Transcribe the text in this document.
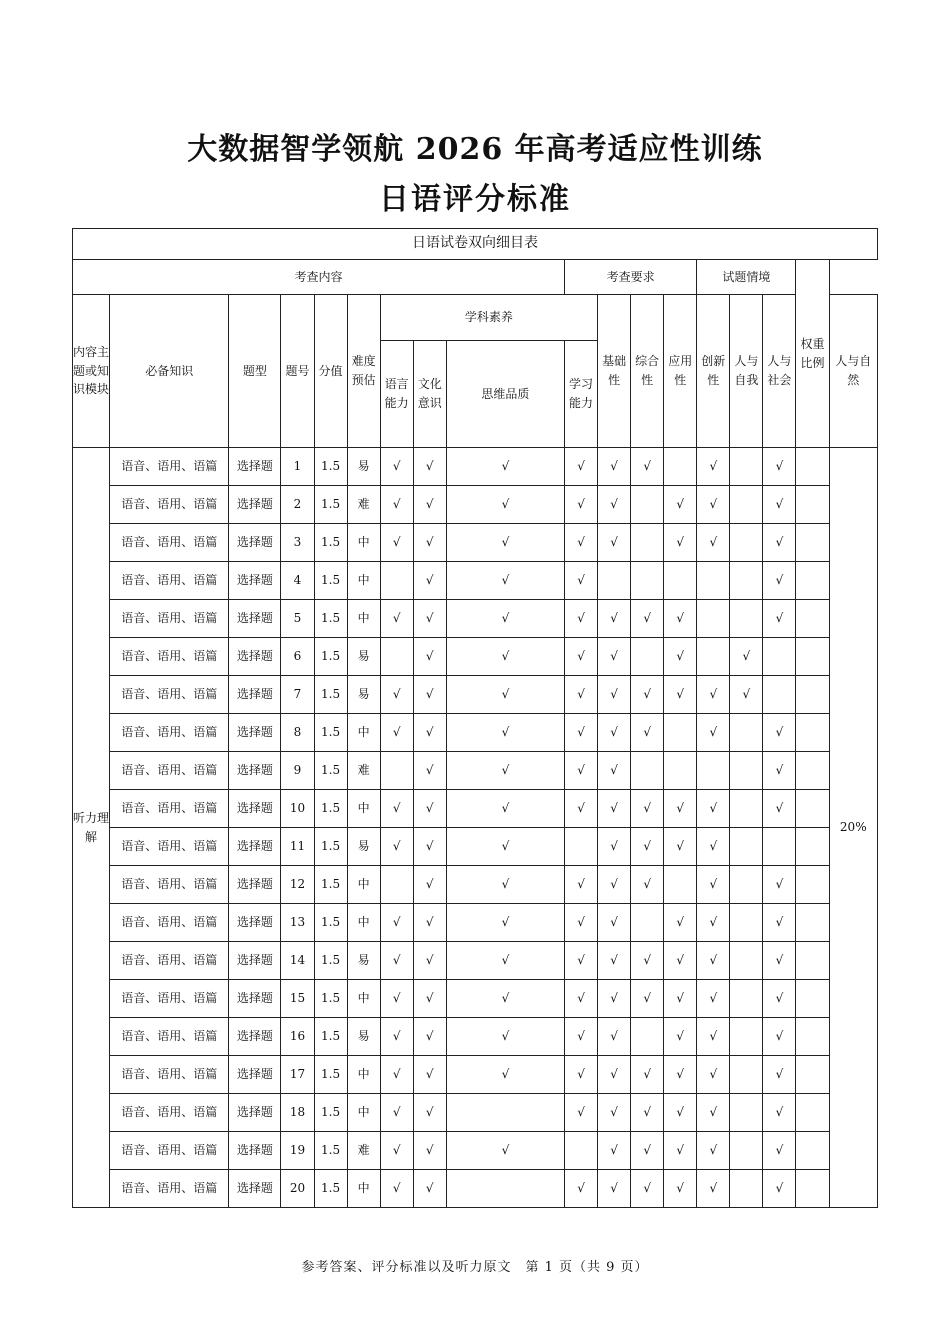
大数据智学领航 2026 年高考适应性训练
日语评分标准
日语试卷双向细目表																	
考查内容									考查要求				试题情境			权重比例	
内容主题或知识模块	必备知识	题型	题号	分值	难度预估	学科素养				基础性	综合性	应用性	创新性	人与自我	人与社会		人与自然
						语言能力	文化意识	思维品质	学习能力								
听力理解	语音、语用、语篇	选择题	1	1.5	易	√	√	√	√	√	√		√		√		20%
	语音、语用、语篇	选择题	2	1.5	难	√	√	√	√	√		√	√		√		
	语音、语用、语篇	选择题	3	1.5	中	√	√	√	√	√		√	√		√		
	语音、语用、语篇	选择题	4	1.5	中		√	√	√						√		
	语音、语用、语篇	选择题	5	1.5	中	√	√	√	√	√	√	√			√		
	语音、语用、语篇	选择题	6	1.5	易		√	√	√	√		√		√			
	语音、语用、语篇	选择题	7	1.5	易	√	√	√	√	√	√	√	√	√			
	语音、语用、语篇	选择题	8	1.5	中	√	√	√	√	√	√		√		√		
	语音、语用、语篇	选择题	9	1.5	难		√	√	√	√					√		
	语音、语用、语篇	选择题	10	1.5	中	√	√	√	√	√	√	√	√		√		
	语音、语用、语篇	选择题	11	1.5	易	√	√	√		√	√	√	√				
	语音、语用、语篇	选择题	12	1.5	中		√	√	√	√	√		√		√		
	语音、语用、语篇	选择题	13	1.5	中	√	√	√	√	√		√	√		√		
	语音、语用、语篇	选择题	14	1.5	易	√	√	√	√	√	√	√	√		√		
	语音、语用、语篇	选择题	15	1.5	中	√	√	√	√	√	√	√	√		√		
	语音、语用、语篇	选择题	16	1.5	易	√	√	√	√	√		√	√		√		
	语音、语用、语篇	选择题	17	1.5	中	√	√	√	√	√	√	√	√		√		
	语音、语用、语篇	选择题	18	1.5	中	√	√		√	√	√	√	√		√		
	语音、语用、语篇	选择题	19	1.5	难	√	√	√		√	√	√	√		√		
	语音、语用、语篇	选择题	20	1.5	中	√	√		√	√	√	√	√		√		
参考答案、评分标准以及听力原文　第 1 页（共 9 页）
